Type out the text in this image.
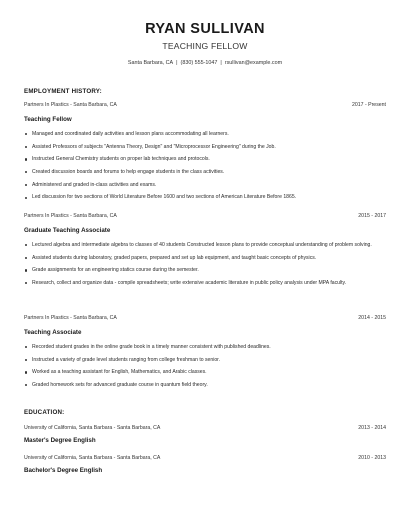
RYAN SULLIVAN
TEACHING FELLOW
Santa Barbara, CA | (830) 555-1047 | rsullivan@example.com
EMPLOYMENT HISTORY:
Partners In Plastics - Santa Barbara, CA	2017 - Present
Teaching Fellow
Managed and coordinated daily activities and lesson plans accommodating all learners.
Assisted Professors of subjects "Antenna Theory, Design" and "Microprocessor Engineering" during the Job.
Instructed General Chemistry students on proper lab techniques and protocols.
Created discussion boards and forums to help engage students in the class activities.
Administered and graded in-class activities and exams.
Led discussion for two sections of World Literature Before 1600 and two sections of American Literature Before 1865.
Partners In Plastics - Santa Barbara, CA	2015 - 2017
Graduate Teaching Associate
Lectured algebra and intermediate algebra to classes of 40 students Constructed lesson plans to provide conceptual understanding of problem solving.
Assisted students during laboratory, graded papers, prepared and set up lab equipment, and taught basic concepts of physics.
Grade assignments for an engineering statics course during the semester.
Research, collect and organize data - compile spreadsheets; write extensive academic literature in public policy analysis under MPA faculty.
Partners In Plastics - Santa Barbara, CA	2014 - 2015
Teaching Associate
Recorded student grades in the online grade book in a timely manner consistent with published deadlines.
Instructed a variety of grade level students ranging from college freshman to senior.
Worked as a teaching assistant for English, Mathematics, and Arabic classes.
Graded homework sets for advanced graduate course in quantum field theory.
EDUCATION:
University of California, Santa Barbara - Santa Barbara, CA	2013 - 2014
Master's Degree English
University of California, Santa Barbara - Santa Barbara, CA	2010 - 2013
Bachelor's Degree English
